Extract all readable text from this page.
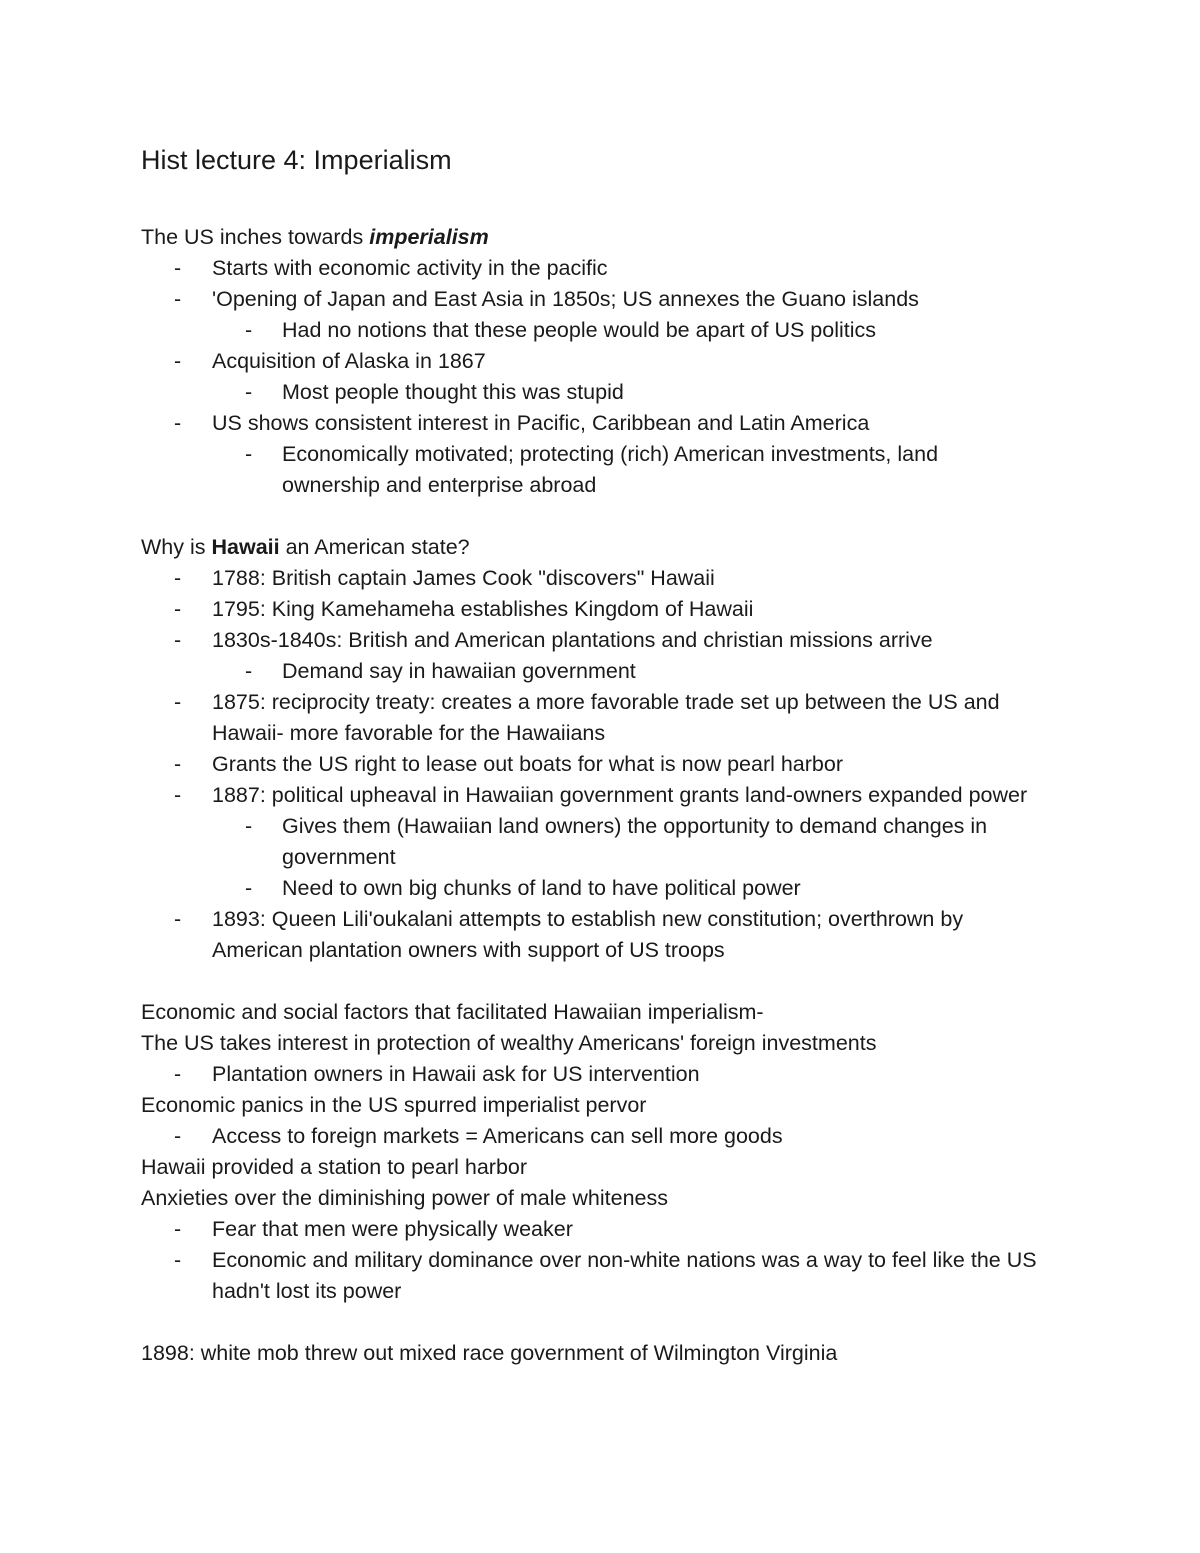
Hist lecture 4: Imperialism
The US inches towards imperialism
- Starts with economic activity in the pacific
- 'Opening of Japan and East Asia in 1850s; US annexes the Guano islands
- Had no notions that these people would be apart of US politics
- Acquisition of Alaska in 1867
- Most people thought this was stupid
- US shows consistent interest in Pacific, Caribbean and Latin America
- Economically motivated; protecting (rich) American investments, land ownership and enterprise abroad
Why is Hawaii an American state?
- 1788: British captain James Cook "discovers" Hawaii
- 1795: King Kamehameha establishes Kingdom of Hawaii
- 1830s-1840s: British and American plantations and christian missions arrive
- Demand say in hawaiian government
- 1875: reciprocity treaty: creates a more favorable trade set up between the US and Hawaii- more favorable for the Hawaiians
- Grants the US right to lease out boats for what is now pearl harbor
- 1887: political upheaval in Hawaiian government grants land-owners expanded power
- Gives them (Hawaiian land owners) the opportunity to demand changes in government
- Need to own big chunks of land to have political power
- 1893: Queen Lili'oukalani attempts to establish new constitution; overthrown by American plantation owners with support of US troops
Economic and social factors that facilitated Hawaiian imperialism-
The US takes interest in protection of wealthy Americans' foreign investments
- Plantation owners in Hawaii ask for US intervention
Economic panics in the US spurred imperialist pervor
- Access to foreign markets = Americans can sell more goods
Hawaii provided a station to pearl harbor
Anxieties over the diminishing power of male whiteness
- Fear that men were physically weaker
- Economic and military dominance over non-white nations was a way to feel like the US hadn't lost its power
1898: white mob threw out mixed race government of Wilmington Virginia
